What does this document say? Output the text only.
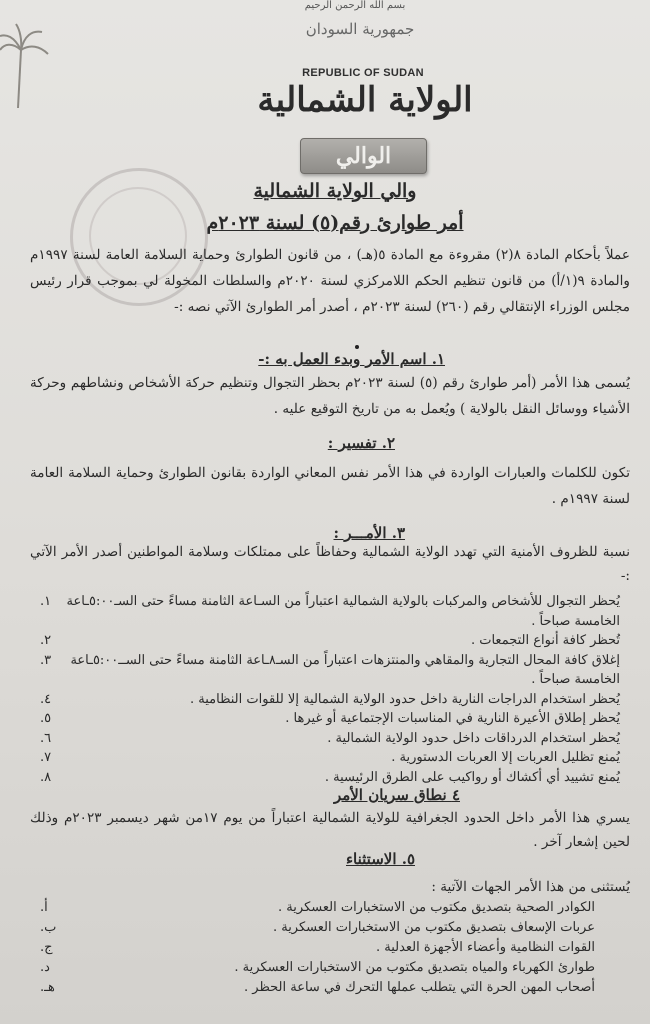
بسم الله الرحمن الرحيم
جمهورية السودان
REPUBLIC OF SUDAN
الولاية الشمالية
الوالي
والي الولاية الشمالية
أمر طوارئ رقم(٥) لسنة ٢٠٢٣م
عملاً بأحكام المادة ٨(٢) مقروءة مع المادة ٥(هـ) ، من قانون الطوارئ وحماية السلامة العامة لسنة ١٩٩٧م والمادة ٩(١/أ) من قانون تنظيم الحكم اللامركزي لسنة ٢٠٢٠م والسلطات المخولة لي بموجب قرار رئيس مجلس الوزراء الإنتقالي رقم (٢٦٠) لسنة ٢٠٢٣م ، أصدر أمر الطوارئ الآتي نصه :-
١. اسم الأمر وبدء العمل به :-
يُسمى هذا الأمر (أمر طوارئ رقم (٥) لسنة ٢٠٢٣م بحظر التجوال وتنظيم حركة الأشخاص ونشاطهم وحركة الأشياء ووسائل النقل بالولاية ) ويُعمل به من تاريخ التوقيع عليه .
٢. تفسير :
تكون للكلمات والعبارات الواردة في هذا الأمر نفس المعاني الواردة بقانون الطوارئ وحماية السلامة العامة لسنة ١٩٩٧م .
٣. الأمـــر :
نسبة للظروف الأمنية التي تهدد الولاية الشمالية وحفاظاً على ممتلكات وسلامة المواطنين أصدر الأمر الآتي :-
١.	يُحظر التجوال للأشخاص والمركبات بالولاية الشمالية اعتباراً من السـاعة الثامنة مساءً حتى السـ٥:٠٠ـاعة الخامسة صباحاً .
٢.	تُحظر كافة أنواع التجمعات .
٣.	إغلاق كافة المحال التجارية والمقاهي والمنتزهات اعتباراً من السـ٨ـاعة الثامنة مساءً حتى الســ٥:٠٠ـاعة الخامسة صباحاً .
٤.	يُحظر استخدام الدراجات النارية داخل حدود الولاية الشمالية إلا للقوات النظامية .
٥.	يُحظر إطلاق الأعيرة النارية في المناسبات الإجتماعية أو غيرها .
٦.	يُحظر استخدام الدرداقات داخل حدود الولاية الشمالية .
٧.	يُمنع تظليل العربات إلا العربات الدستورية .
٨.	يُمنع تشييد أي أكشاك أو رواكيب على الطرق الرئيسية .
٤ نطاق سريان الأمر
يسري هذا الأمر داخل الحدود الجغرافية للولاية الشمالية اعتباراً من يوم ١٧من شهر ديسمبر ٢٠٢٣م وذلك لحين إشعار آخر .
٥. الاستثناء
يُستثنى من هذا الأمر الجهات الآتية :
أ.	الكوادر الصحية بتصديق مكتوب من الاستخبارات العسكرية .
ب.	عربات الإسعاف بتصديق مكتوب من الاستخبارات العسكرية .
ج.	القوات النظامية وأعضاء الأجهزة العدلية .
د.	طوارئ الكهرباء والمياه بتصديق مكتوب من الاستخبارات العسكرية .
هـ.	أصحاب المهن الحرة التي يتطلب عملها التحرك في ساعة الحظر .
